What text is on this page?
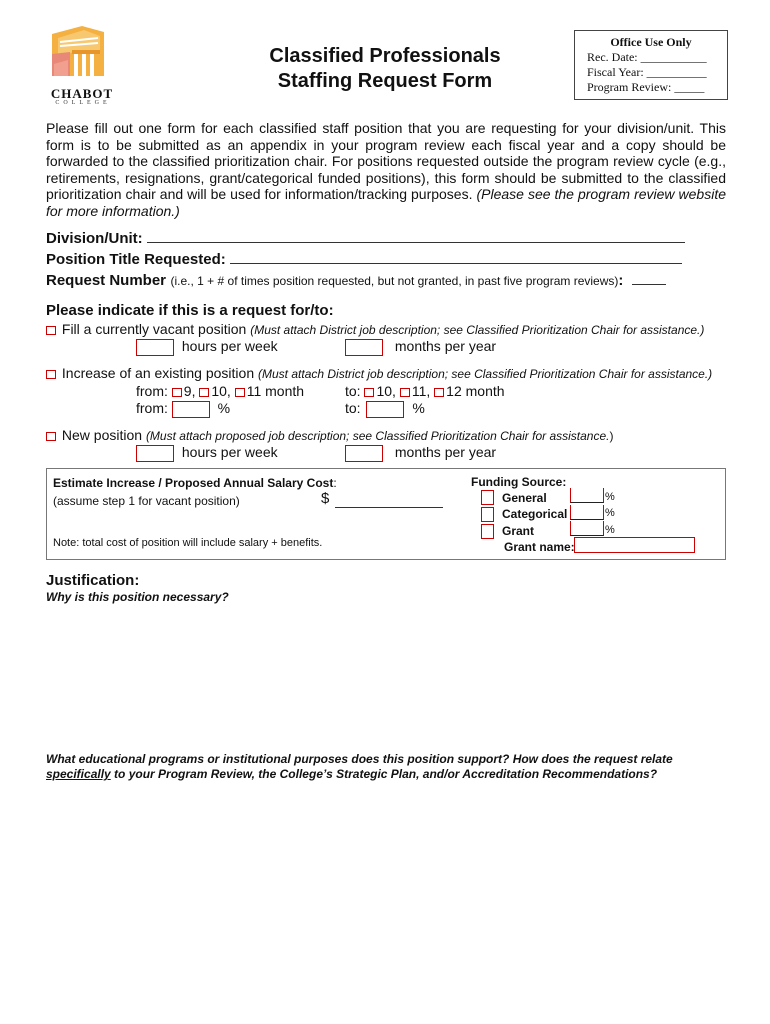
CHABOT
COLLEGE
Classified Professionals
Staffing Request Form
Office Use Only
Rec. Date: ___________
Fiscal Year: __________
Program Review: _____
Please fill out one form for each classified staff position that you are requesting for your division/unit. This form is to be submitted as an appendix in your program review each fiscal year and a copy should be forwarded to the classified prioritization chair. For positions requested outside the program review cycle (e.g., retirements, resignations, grant/categorical funded positions), this form should be submitted to the classified prioritization chair and will be used for information/tracking purposes. (Please see the program review website for more information.)
Division/Unit:
Position Title Requested:
Request Number (i.e., 1 + # of times position requested, but not granted, in past five program reviews):
Please indicate if this is a request for/to:
Fill a currently vacant position (Must attach District job description; see Classified Prioritization Chair for assistance.)
hours per week	months per year
Increase of an existing position (Must attach District job description; see Classified Prioritization Chair for assistance.)
from: 9, 10, 11 month	to: 10, 11, 12 month
from:	%	to:	%
New position (Must attach proposed job description; see Classified Prioritization Chair for assistance.)
hours per week	months per year
Estimate Increase / Proposed Annual Salary Cost:
(assume step 1 for vacant position)	$
Note: total cost of position will include salary + benefits.
Funding Source:
General	%
Categorical	%
Grant	%
Grant name:
Justification:
Why is this position necessary?
What educational programs or institutional purposes does this position support? How does the request relate specifically to your Program Review, the College’s Strategic Plan, and/or Accreditation Recommendations?
